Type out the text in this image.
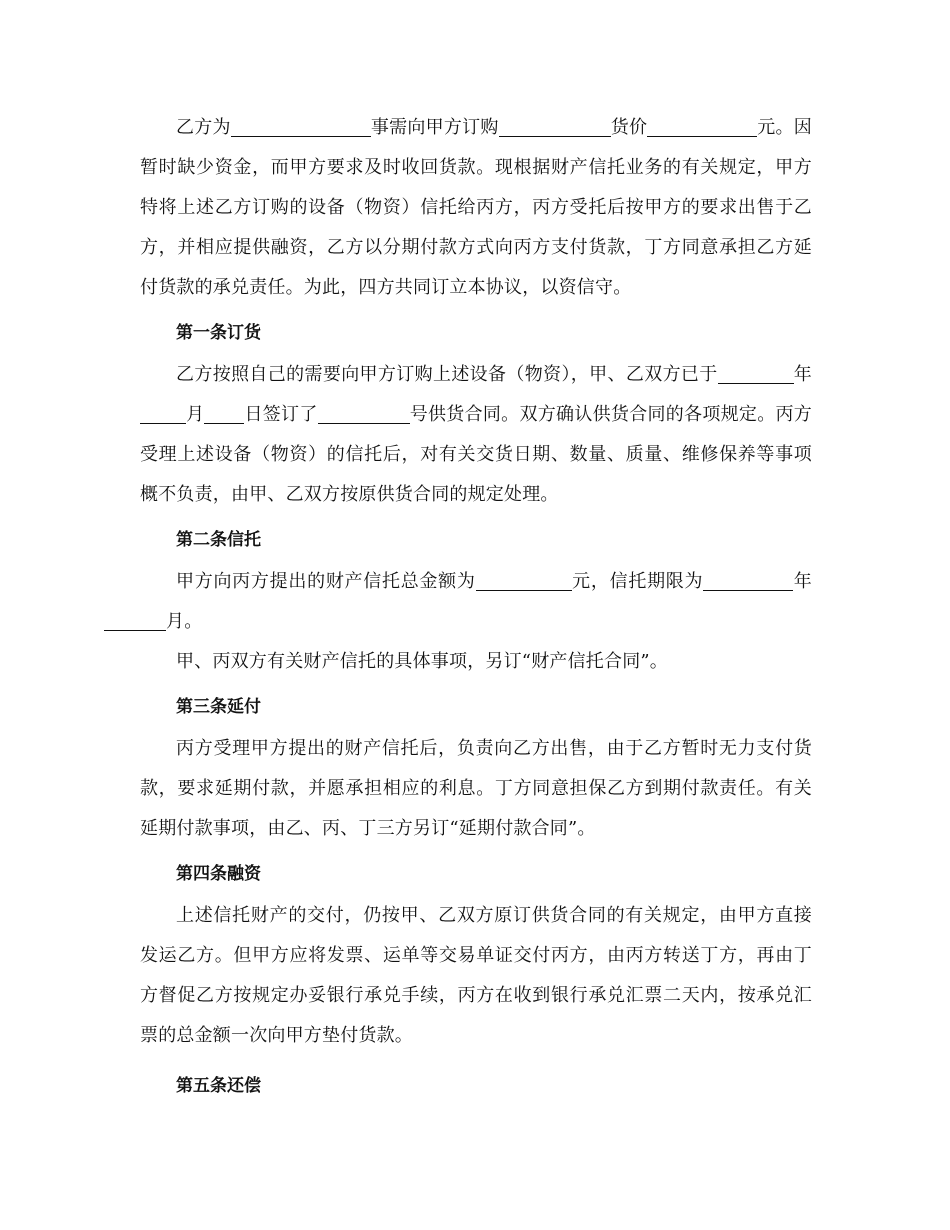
乙方为	事需向甲方订购	货价	元。因暂时缺少资金，而甲方要求及时收回货款。现根据财产信托业务的有关规定，甲方特将上述乙方订购的设备（物资）信托给丙方，丙方受托后按甲方的要求出售于乙方，并相应提供融资，乙方以分期付款方式向丙方支付货款，丁方同意承担乙方延付货款的承兑责任。为此，四方共同订立本协议，以资信守。

第一条订货

乙方按照自己的需要向甲方订购上述设备（物资），甲、乙双方已于	年月 日签订了	号供货合同。双方确认供货合同的各项规定。丙方受理上述设备（物资）的信托后，对有关交货日期、数量、质量、维修保养等事项概不负责，由甲、乙双方按原供货合同的规定处理。

第二条信托

甲方向丙方提出的财产信托总金额为	元，信托期限为	年月。

甲、丙双方有关财产信托的具体事项，另订“财产信托合同”。

第三条延付

丙方受理甲方提出的财产信托后，负责向乙方出售，由于乙方暂时无力支付货款，要求延期付款，并愿承担相应的利息。丁方同意担保乙方到期付款责任。有关延期付款事项，由乙、丙、丁三方另订“延期付款合同”。

第四条融资

上述信托财产的交付，仍按甲、乙双方原订供货合同的有关规定，由甲方直接发运乙方。但甲方应将发票、运单等交易单证交付丙方，由丙方转送丁方，再由丁方督促乙方按规定办妥银行承兑手续，丙方在收到银行承兑汇票二天内，按承兑汇票的总金额一次向甲方垫付货款。

第五条还偿
